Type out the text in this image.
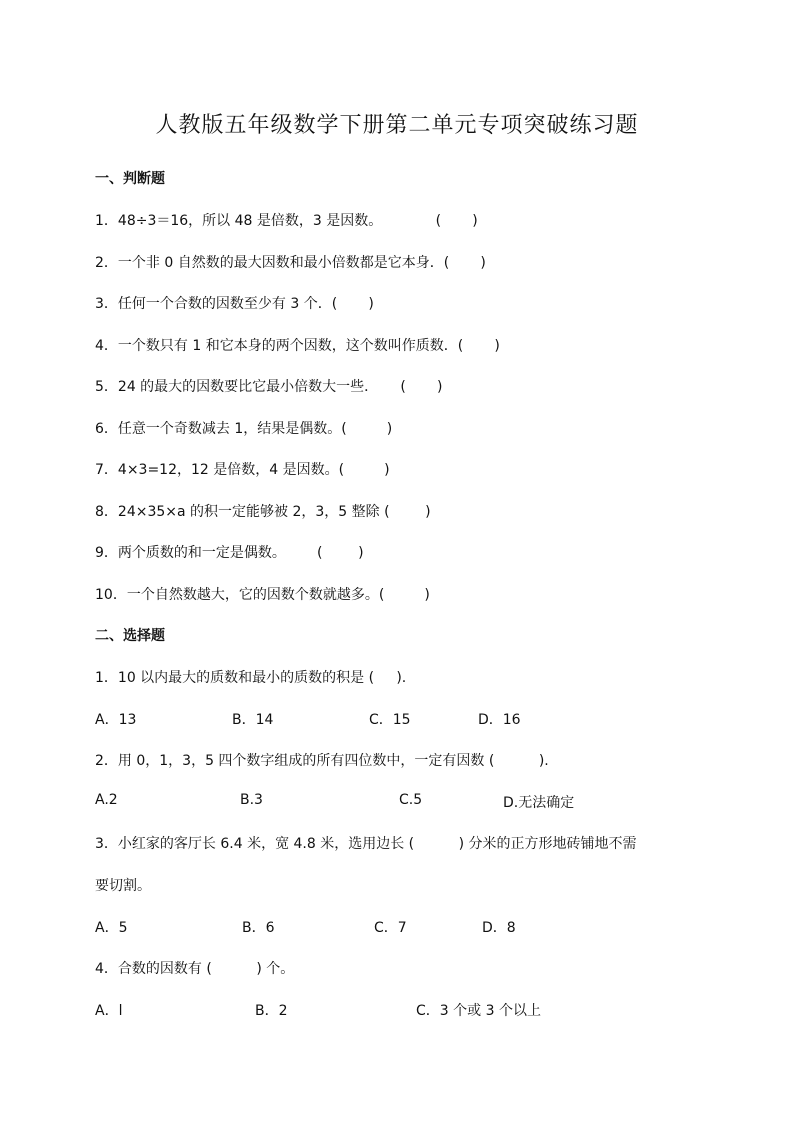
人教版五年级数学下册第二单元专项突破练习题
一、判断题
1．48÷3＝16，所以 48 是倍数，3 是因数。            (       )
2．一个非 0 自然数的最大因数和最小倍数都是它本身．(       )
3．任何一个合数的因数至少有 3 个．(       )
4．一个数只有 1 和它本身的两个因数，这个数叫作质数．(       )
5．24 的最大的因数要比它最小倍数大一些．     (       )
6．任意一个奇数减去 1，结果是偶数。(         )
7．4×3=12，12 是倍数，4 是因数。(         )
8．24×35×a 的积一定能够被 2，3，5 整除 (        )
9．两个质数的和一定是偶数。       (        )
10．一个自然数越大，它的因数个数就越多。(         )
二、选择题
1．10 以内最大的质数和最小的质数的积是 (     ).
A．13	B．14	C．15	D．16
2．用 0，1，3，5 四个数字组成的所有四位数中，一定有因数 (          ).
A.2	B.3	C.5	D.无法确定
3．小红家的客厅长 6.4 米，宽 4.8 米，选用边长 (          ) 分米的正方形地砖铺地不需
要切割。
A．5	B．6	C．7	D．8
4．合数的因数有 (          ) 个。
A．l	B．2	C．3 个或 3 个以上
